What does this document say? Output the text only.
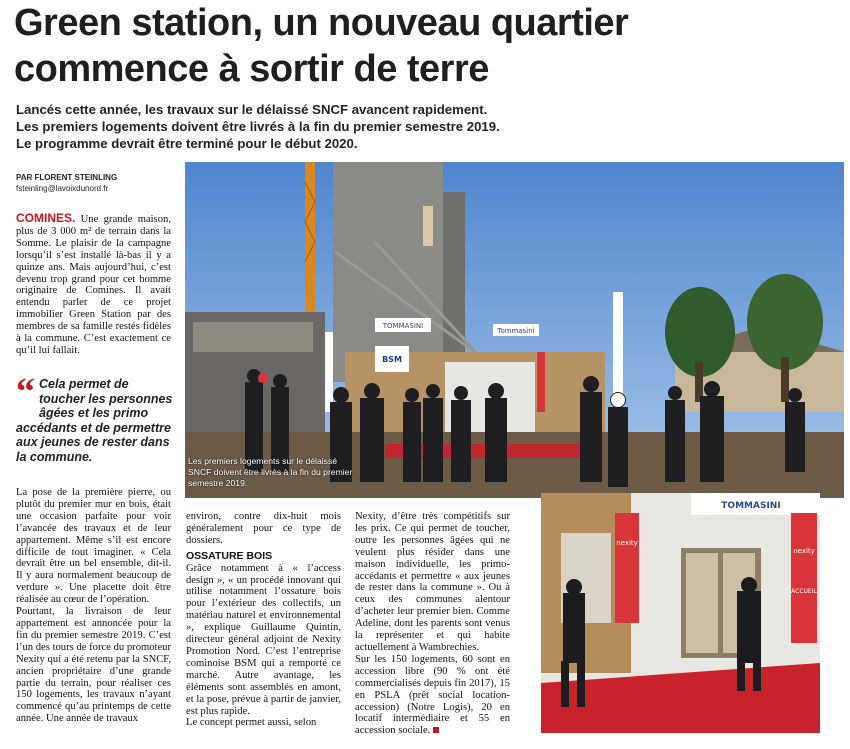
Green station, un nouveau quartier
commence à sortir de terre
Lancés cette année, les travaux sur le délaissé SNCF avancent rapidement.
Les premiers logements doivent être livrés à la fin du premier semestre 2019.
Le programme devrait être terminé pour le début 2020.
PAR FLORENT STEINLING
fsteinling@lavoixdunord.fr
COMINES. Une grande maison, plus de 3 000 m² de terrain dans la Somme. Le plaisir de la campagne lorsqu’il s’est installé là-bas il y a quinze ans. Mais aujourd’hui, c’est devenu trop grand pour cet homme originaire de Comines. Il avait entendu parler de ce projet immobilier Green Station par des membres de sa famille restés fidèles à la commune. C’est exactement ce qu’il lui fallait.
“ Cela permet de toucher les personnes âgées et les primo accédants et de permettre aux jeunes de rester dans la commune.
La pose de la première pierre, ou plutôt du premier mur en bois, était une occasion parfaite pour voir l’avancée des travaux et de leur appartement. Même s’il est encore difficile de tout imaginer. « Cela devrait être un bel ensemble, dit-il. Il y aura normalement beaucoup de verdure ». Une placette doit être réalisée au cœur de l’opération.
Pourtant, la livraison de leur appartement est annoncée pour la fin du premier semestre 2019. C’est l’un des tours de force du promoteur Nexity qui a été retenu par la SNCF, ancien propriétaire d’une grande partie du terrain, pour réaliser ces 150 logements, les travaux n’ayant commencé qu’au printemps de cette année. Une année de travaux
environ, contre dix-huit mois généralement pour ce type de dossiers.
OSSATURE BOIS
Grâce notamment à « l’access design », « un procédé innovant qui utilise notamment l’ossature bois pour l’extérieur des collectifs, un matériau naturel et environnemental », explique Guillaume Quintin, directeur général adjoint de Nexity Promotion Nord. C’est l’entreprise cominoise BSM qui a remporté ce marché. Autre avantage, les éléments sont assemblés en amont, et la pose, prévue à partir de janvier, est plus rapide.
Le concept permet aussi, selon
Nexity, d’être très compétitifs sur les prix. Ce qui permet de toucher, outre les personnes âgées qui ne veulent plus résider dans une maison individuelle, les primo-accédants et permettre « aux jeunes de rester dans la commune ». Ou à ceux des communes alentour d’acheter leur premier bien. Comme Adeline, dont les parents sont venus la représenter et qui habite actuellement à Wambrechies.
Sur les 150 logements, 60 sont en accession libre (90 % ont été commercialisés depuis fin 2017), 15 en PSLA (prêt social location-accession) (Notre Logis), 20 en locatif intermédiaire et 55 en accession sociale.
TOMMASINI
BSM
Tommasini
Les premiers logements sur le délaissé SNCF doivent être livrés à la fin du premier semestre 2019.
TOMMASINI
nexity
nexity
ACCUEIL
